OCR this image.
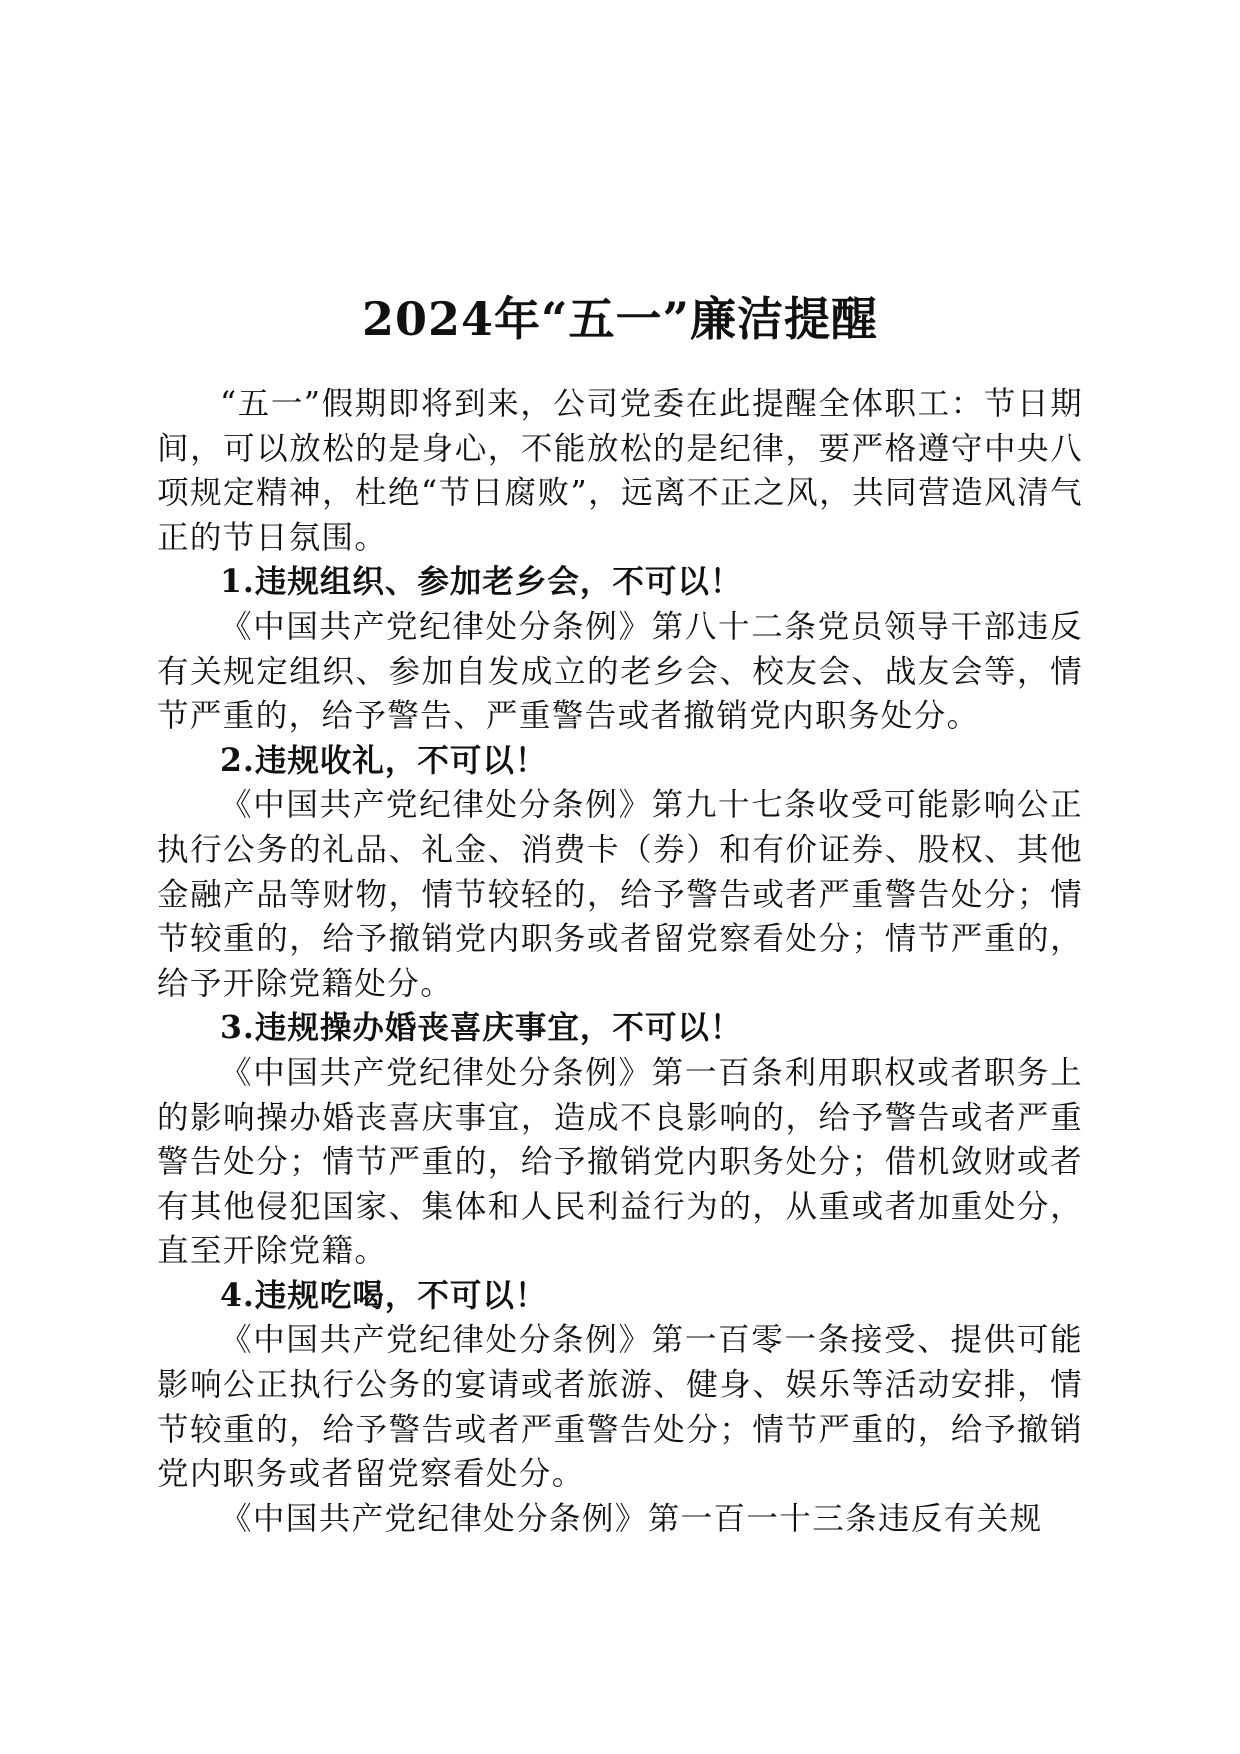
2024年“五一”廉洁提醒

“五一”假期即将到来，公司党委在此提醒全体职工：节日期间，可以放松的是身心，不能放松的是纪律，要严格遵守中央八项规定精神，杜绝“节日腐败”，远离不正之风，共同营造风清气正的节日氛围。

1.违规组织、参加老乡会，不可以！

《中国共产党纪律处分条例》第八十二条党员领导干部违反有关规定组织、参加自发成立的老乡会、校友会、战友会等，情节严重的，给予警告、严重警告或者撤销党内职务处分。

2.违规收礼，不可以！

《中国共产党纪律处分条例》第九十七条收受可能影响公正执行公务的礼品、礼金、消费卡（券）和有价证券、股权、其他金融产品等财物，情节较轻的，给予警告或者严重警告处分；情节较重的，给予撤销党内职务或者留党察看处分；情节严重的，给予开除党籍处分。

3.违规操办婚丧喜庆事宜，不可以！

《中国共产党纪律处分条例》第一百条利用职权或者职务上的影响操办婚丧喜庆事宜，造成不良影响的，给予警告或者严重警告处分；情节严重的，给予撤销党内职务处分；借机敛财或者有其他侵犯国家、集体和人民利益行为的，从重或者加重处分，直至开除党籍。

4.违规吃喝，不可以！

《中国共产党纪律处分条例》第一百零一条接受、提供可能影响公正执行公务的宴请或者旅游、健身、娱乐等活动安排，情节较重的，给予警告或者严重警告处分；情节严重的，给予撤销党内职务或者留党察看处分。

《中国共产党纪律处分条例》第一百一十三条违反有关规
